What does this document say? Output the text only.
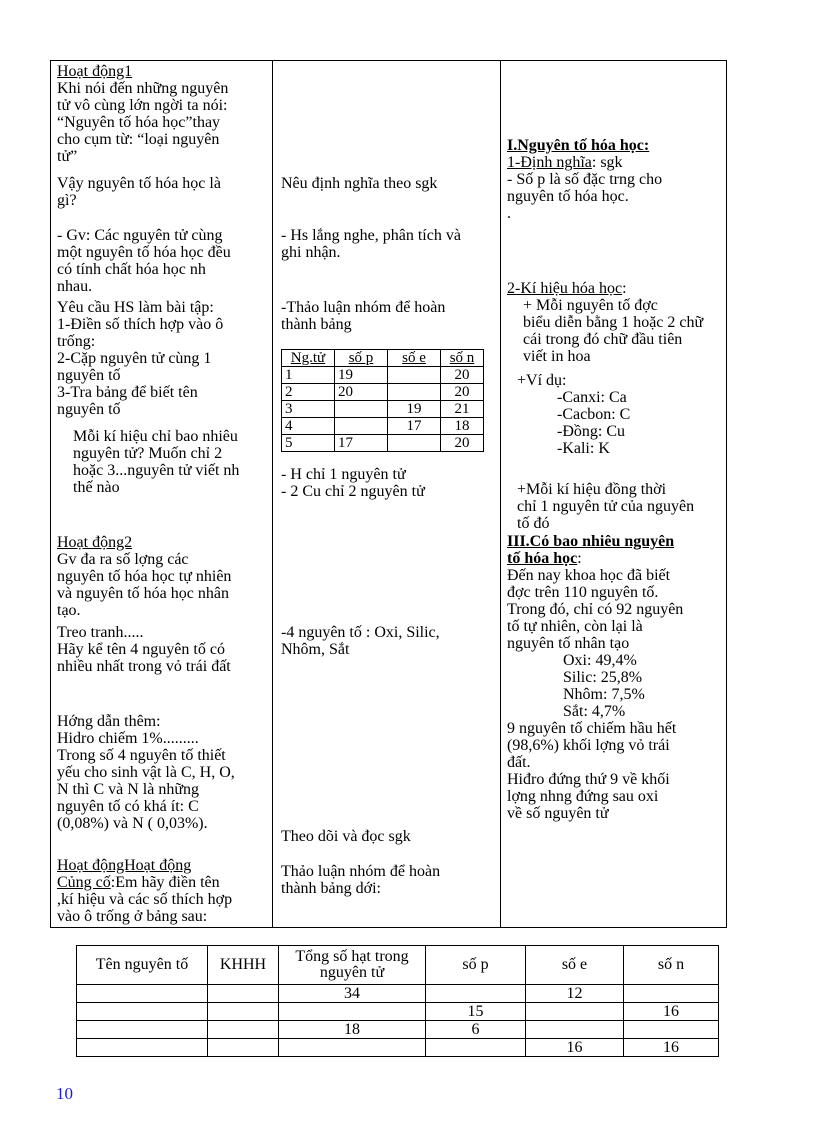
Hoạt động1
Khi nói đến những nguyên
tử vô cùng lớn ngời ta nói:
“Nguyên tố hóa học”thay
cho cụm từ: “loại nguyên
tử”
Vậy nguyên tố hóa học là
gì?
- Gv: Các nguyên tử cùng
một nguyên tố hóa học đều
có tính chất hóa học nh
nhau.
Yêu cầu HS làm bài tập:
1-Điền số thích hợp vào ô
trống:
2-Cặp nguyên tử cùng 1
nguyên tố
3-Tra bảng để biết tên
nguyên tố
Mỗi kí hiệu chỉ bao nhiêu
nguyên tử? Muốn chỉ 2
hoặc 3...nguyên tử viết nh
thế nào
Hoạt động2
Gv đa ra số lợng các
nguyên tố hóa học tự nhiên
và nguyên tố hóa học nhân
tạo.
Treo tranh.....
Hãy kể tên 4 nguyên tố có
nhiều nhất trong vỏ trái đất
Hớng dẫn thêm:
Hidro chiếm 1%.........
Trong số 4 nguyên tố thiết
yếu cho sinh vật là C, H, O,
N thì C và N là những
nguyên tố có khá ít: C
(0,08%) và N ( 0,03%).
Hoạt độngHoạt động
Củng cố:Em hãy điền tên
,kí hiệu và các số thích hợp
vào ô trống ở bảng sau:
Nêu định nghĩa theo sgk
- Hs lắng nghe, phân tích và
ghi nhận.
-Thảo luận nhóm để hoàn
thành bảng
Ng.tử	số p	số e	số n
1	19		20
2	20		20
3		19	21
4		17	18
5	17		20
- H chỉ 1 nguyên tử
- 2 Cu chỉ 2 nguyên tử
-4 nguyên tố : Oxi, Silic,
Nhôm, Sắt
Theo dõi và đọc sgk
Thảo luận nhóm để hoàn
thành bảng dới:
I.Nguyên tố hóa học:
1-Định nghĩa: sgk
- Số p là số đặc trng cho
nguyên tố hóa học.
.
2-Kí hiệu hóa học:
+ Mỗi nguyên tố đợc
biểu diễn bằng 1 hoặc 2 chữ
cái trong đó chữ đầu tiên
viết in hoa
+Ví dụ:
-Canxi: Ca
-Cacbon: C
-Đồng: Cu
-Kali: K
+Mỗi kí hiệu đồng thời
chỉ 1 nguyên tử của nguyên
tố đó
III.Có bao nhiêu nguyên
tố hóa học:
Đến nay khoa học đã biết
đợc trên 110 nguyên tố.
Trong đó, chỉ có 92 nguyên
tố tự nhiên, còn lại là
nguyên tố nhân tạo
Oxi: 49,4%
Silic: 25,8%
Nhôm: 7,5%
Sắt: 4,7%
9 nguyên tố chiếm hầu hết
(98,6%) khối lợng vỏ trái
đất.
Hiđro đứng thứ 9 về khối
lợng nhng đứng sau oxi
về số nguyên tử
Tên nguyên tố	KHHH	Tổng số hạt trong nguyên tử	số p	số e	số n
		34		12	
			15		16
		18	6		
				16	16
10
